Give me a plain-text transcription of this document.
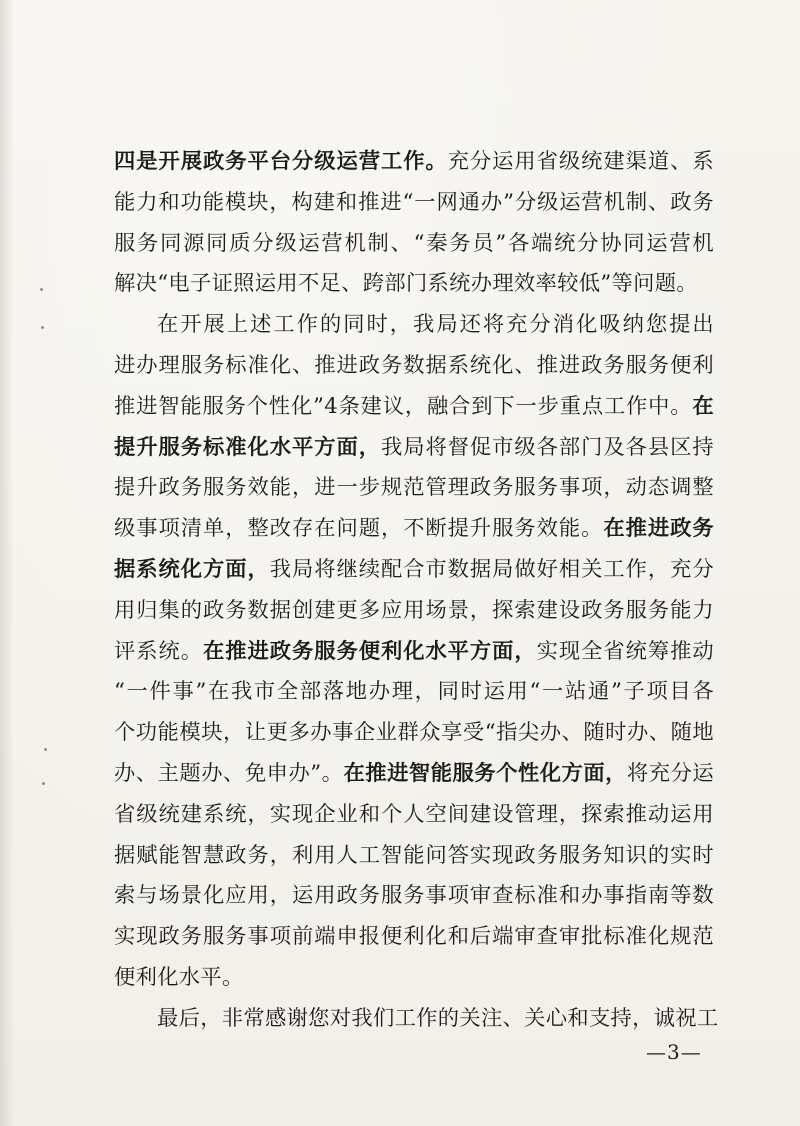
四是开展政务平台分级运营工作。充分运用省级统建渠道、系
能力和功能模块，构建和推进“一网通办”分级运营机制、政务
服务同源同质分级运营机制、“秦务员”各端统分协同运营机
解决“电子证照运用不足、跨部门系统办理效率较低”等问题。
在开展上述工作的同时，我局还将充分消化吸纳您提出
进办理服务标准化、推进政务数据系统化、推进政务服务便利
推进智能服务个性化”4条建议，融合到下一步重点工作中。在
提升服务标准化水平方面，我局将督促市级各部门及各县区持
提升政务服务效能，进一步规范管理政务服务事项，动态调整
级事项清单，整改存在问题，不断提升服务效能。在推进政务
据系统化方面，我局将继续配合市数据局做好相关工作，充分
用归集的政务数据创建更多应用场景，探索建设政务服务能力
评系统。在推进政务服务便利化水平方面，实现全省统筹推动
“一件事”在我市全部落地办理，同时运用“一站通”子项目各
个功能模块，让更多办事企业群众享受“指尖办、随时办、随地
办、主题办、免申办”。在推进智能服务个性化方面，将充分运
省级统建系统，实现企业和个人空间建设管理，探索推动运用
据赋能智慧政务，利用人工智能问答实现政务服务知识的实时
索与场景化应用，运用政务服务事项审查标准和办事指南等数
实现政务服务事项前端申报便利化和后端审查审批标准化规范
便利化水平。
最后，非常感谢您对我们工作的关注、关心和支持，诚祝工
—3—
